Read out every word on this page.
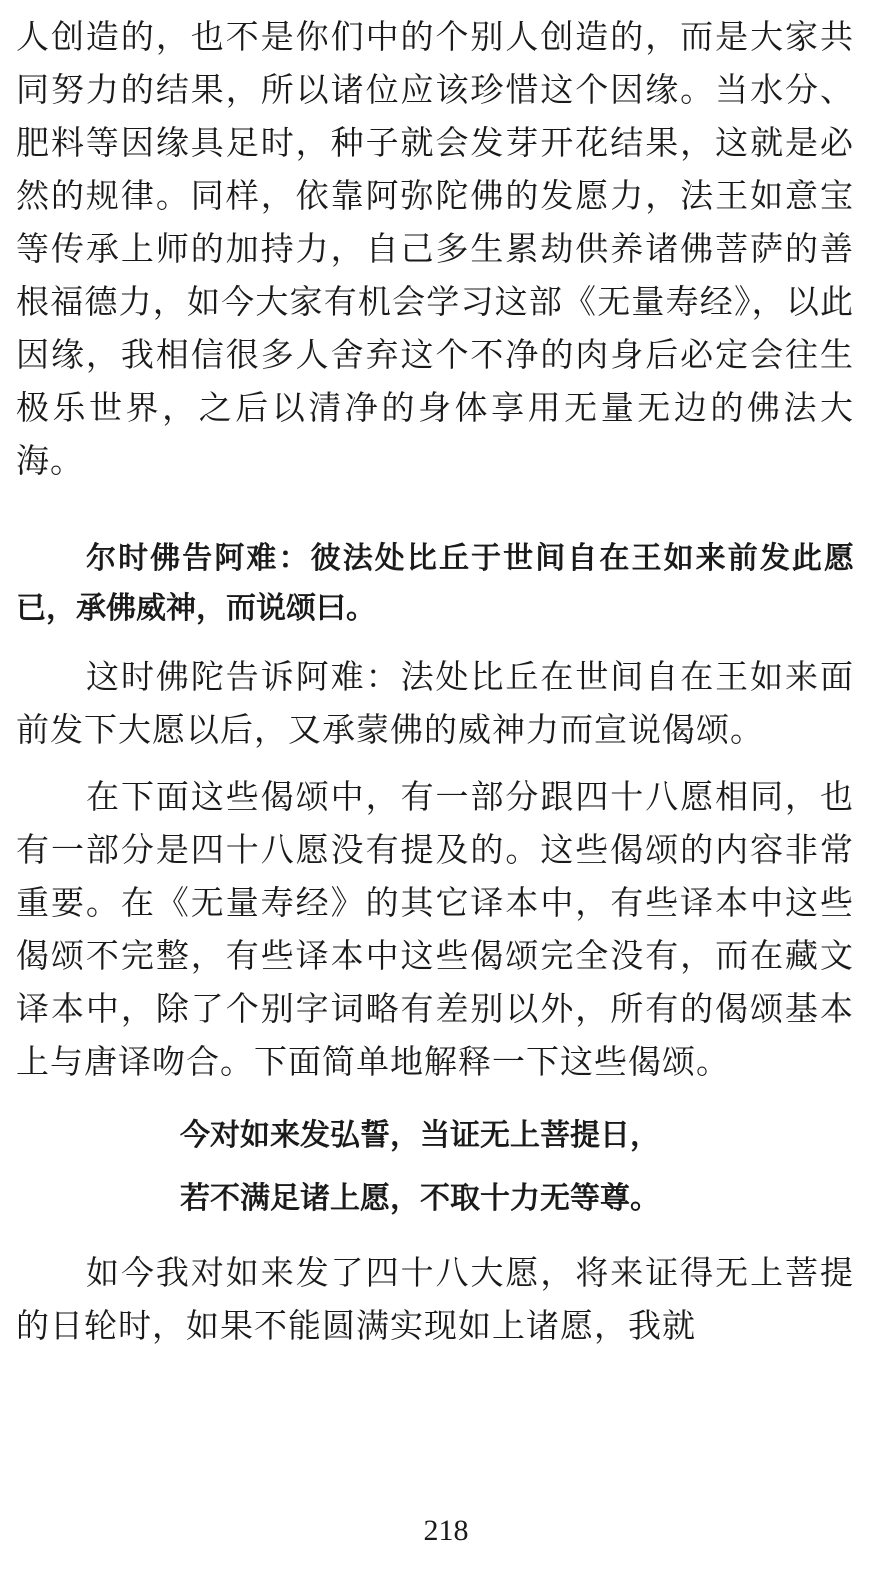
人创造的，也不是你们中的个别人创造的，而是大家共同努力的结果，所以诸位应该珍惜这个因缘。当水分、肥料等因缘具足时，种子就会发芽开花结果，这就是必然的规律。同样，依靠阿弥陀佛的发愿力，法王如意宝等传承上师的加持力，自己多生累劫供养诸佛菩萨的善根福德力，如今大家有机会学习这部《无量寿经》，以此因缘，我相信很多人舍弃这个不净的肉身后必定会往生极乐世界，之后以清净的身体享用无量无边的佛法大海。

尔时佛告阿难：彼法处比丘于世间自在王如来前发此愿已，承佛威神，而说颂曰。

这时佛陀告诉阿难：法处比丘在世间自在王如来面前发下大愿以后，又承蒙佛的威神力而宣说偈颂。

在下面这些偈颂中，有一部分跟四十八愿相同，也有一部分是四十八愿没有提及的。这些偈颂的内容非常重要。在《无量寿经》的其它译本中，有些译本中这些偈颂不完整，有些译本中这些偈颂完全没有，而在藏文译本中，除了个别字词略有差别以外，所有的偈颂基本上与唐译吻合。下面简单地解释一下这些偈颂。

今对如来发弘誓，当证无上菩提日，

若不满足诸上愿，不取十力无等尊。

如今我对如来发了四十八大愿，将来证得无上菩提的日轮时，如果不能圆满实现如上诸愿，我就

218
